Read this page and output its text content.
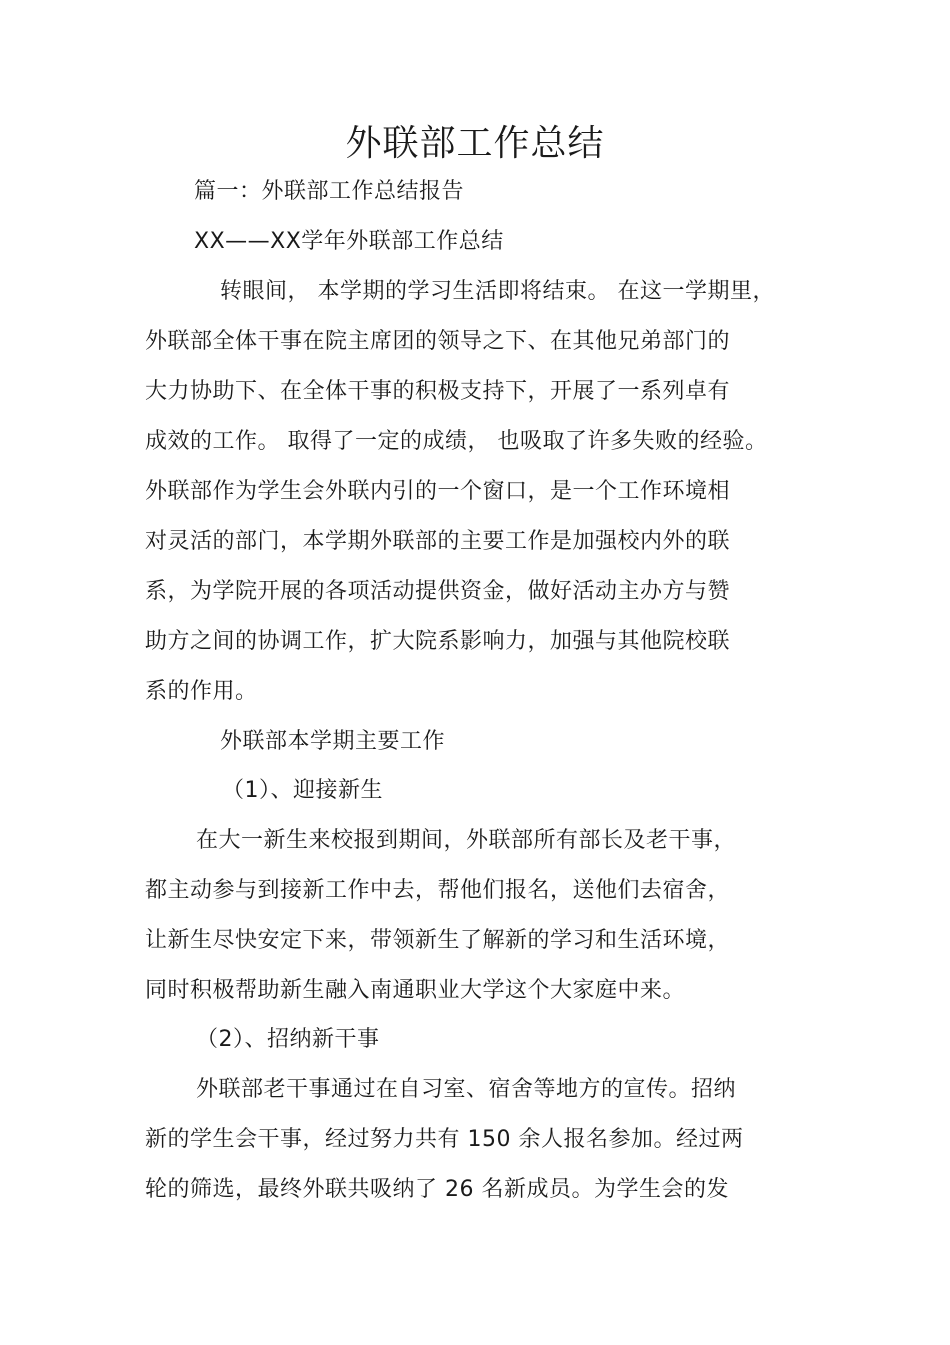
外联部工作总结
篇一：外联部工作总结报告
XX——XX学年外联部工作总结
转眼间， 本学期的学习生活即将结束。 在这一学期里，
外联部全体干事在院主席团的领导之下、在其他兄弟部门的
大力协助下、在全体干事的积极支持下，开展了一系列卓有
成效的工作。 取得了一定的成绩， 也吸取了许多失败的经验。
外联部作为学生会外联内引的一个窗口，是一个工作环境相
对灵活的部门，本学期外联部的主要工作是加强校内外的联
系，为学院开展的各项活动提供资金，做好活动主办方与赞
助方之间的协调工作，扩大院系影响力，加强与其他院校联
系的作用。
外联部本学期主要工作
（1）、迎接新生
在大一新生来校报到期间，外联部所有部长及老干事，
都主动参与到接新工作中去，帮他们报名，送他们去宿舍，
让新生尽快安定下来，带领新生了解新的学习和生活环境，
同时积极帮助新生融入南通职业大学这个大家庭中来。
（2）、招纳新干事
外联部老干事通过在自习室、宿舍等地方的宣传。招纳
新的学生会干事，经过努力共有 150 余人报名参加。经过两
轮的筛选，最终外联共吸纳了 26 名新成员。为学生会的发
